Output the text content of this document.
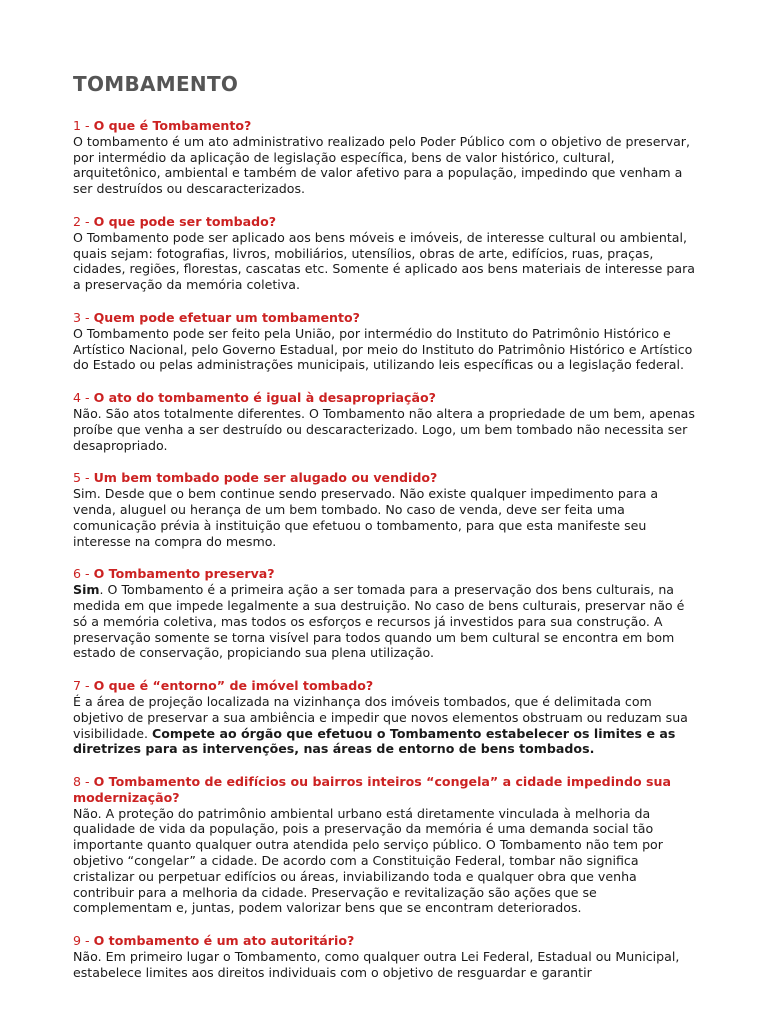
TOMBAMENTO
1 - O que é Tombamento?
O tombamento é um ato administrativo realizado pelo Poder Público com o objetivo de preservar, por intermédio da aplicação de legislação específica, bens de valor histórico, cultural, arquitetônico, ambiental e também de valor afetivo para a população, impedindo que venham a ser destruídos ou descaracterizados.
2 - O que pode ser tombado?
O Tombamento pode ser aplicado aos bens móveis e imóveis, de interesse cultural ou ambiental, quais sejam: fotografias, livros, mobiliários, utensílios, obras de arte, edifícios, ruas, praças, cidades, regiões, florestas, cascatas etc. Somente é aplicado aos bens materiais de interesse para a preservação da memória coletiva.
3 - Quem pode efetuar um tombamento?
O Tombamento pode ser feito pela União, por intermédio do Instituto do Patrimônio Histórico e Artístico Nacional, pelo Governo Estadual, por meio do Instituto do Patrimônio Histórico e Artístico do Estado ou pelas administrações municipais, utilizando leis específicas ou a legislação federal.
4 - O ato do tombamento é igual à desapropriação?
Não. São atos totalmente diferentes. O Tombamento não altera a propriedade de um bem, apenas proíbe que venha a ser destruído ou descaracterizado. Logo, um bem tombado não necessita ser desapropriado.
5 - Um bem tombado pode ser alugado ou vendido?
Sim. Desde que o bem continue sendo preservado. Não existe qualquer impedimento para a venda, aluguel ou herança de um bem tombado. No caso de venda, deve ser feita uma comunicação prévia à instituição que efetuou o tombamento, para que esta manifeste seu interesse na compra do mesmo.
6 - O Tombamento preserva?
Sim. O Tombamento é a primeira ação a ser tomada para a preservação dos bens culturais, na medida em que impede legalmente a sua destruição. No caso de bens culturais, preservar não é só a memória coletiva, mas todos os esforços e recursos já investidos para sua construção. A preservação somente se torna visível para todos quando um bem cultural se encontra em bom estado de conservação, propiciando sua plena utilização.
7 - O que é “entorno” de imóvel tombado?
É a área de projeção localizada na vizinhança dos imóveis tombados, que é delimitada com objetivo de preservar a sua ambiência e impedir que novos elementos obstruam ou reduzam sua visibilidade. Compete ao órgão que efetuou o Tombamento estabelecer os limites e as diretrizes para as intervenções, nas áreas de entorno de bens tombados.
8 - O Tombamento de edifícios ou bairros inteiros “congela” a cidade impedindo sua modernização?
Não. A proteção do patrimônio ambiental urbano está diretamente vinculada à melhoria da qualidade de vida da população, pois a preservação da memória é uma demanda social tão importante quanto qualquer outra atendida pelo serviço público. O Tombamento não tem por objetivo “congelar” a cidade. De acordo com a Constituição Federal, tombar não significa cristalizar ou perpetuar edifícios ou áreas, inviabilizando toda e qualquer obra que venha contribuir para a melhoria da cidade. Preservação e revitalização são ações que se complementam e, juntas, podem valorizar bens que se encontram deteriorados.
9 - O tombamento é um ato autoritário?
Não. Em primeiro lugar o Tombamento, como qualquer outra Lei Federal, Estadual ou Municipal, estabelece limites aos direitos individuais com o objetivo de resguardar e garantir
